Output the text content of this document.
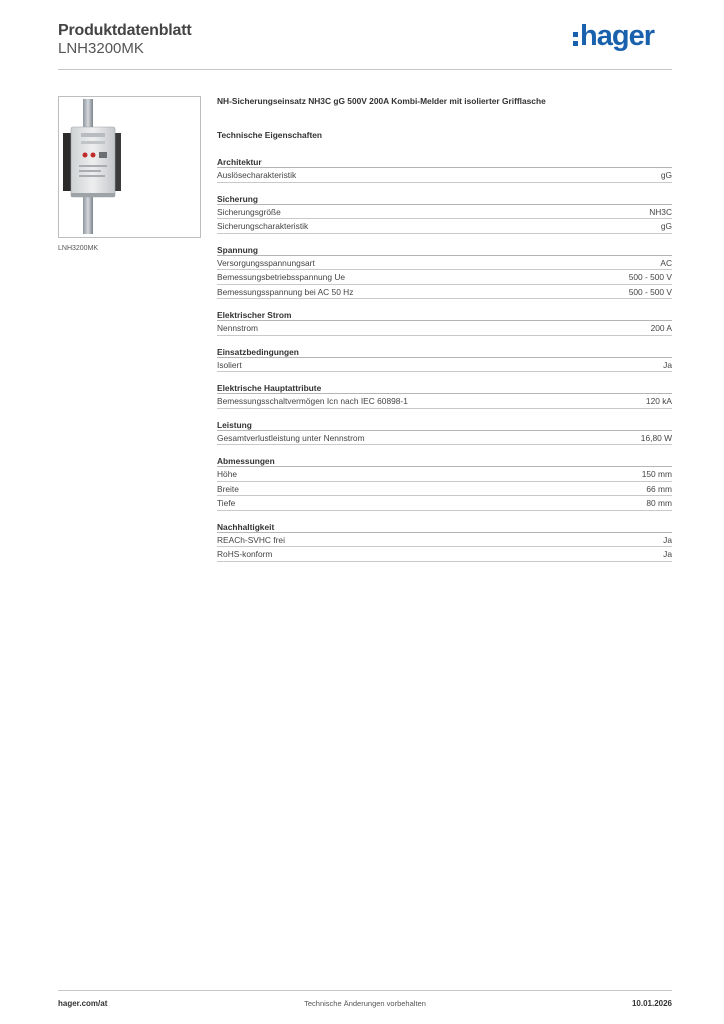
Produktdatenblatt
LNH3200MK	hager
LNH3200MK
NH-Sicherungseinsatz NH3C gG 500V 200A Kombi-Melder mit isolierter Grifflasche
Technische Eigenschaften
Architektur
Auslösecharakteristik	gG
Sicherung
Sicherungsgröße	NH3C
Sicherungscharakteristik	gG
Spannung
Versorgungsspannungsart	AC
Bemessungsbetriebsspannung Ue	500 - 500 V
Bemessungsspannung bei AC 50 Hz	500 - 500 V
Elektrischer Strom
Nennstrom	200 A
Einsatzbedingungen
Isoliert	Ja
Elektrische Hauptattribute
Bemessungsschaltvermögen Icn nach IEC 60898-1	120 kA
Leistung
Gesamtverlustleistung unter Nennstrom	16,80 W
Abmessungen
Höhe	150 mm
Breite	66 mm
Tiefe	80 mm
Nachhaltigkeit
REACh-SVHC frei	Ja
RoHS-konform	Ja
hager.com/at	Technische Änderungen vorbehalten	10.01.2026
